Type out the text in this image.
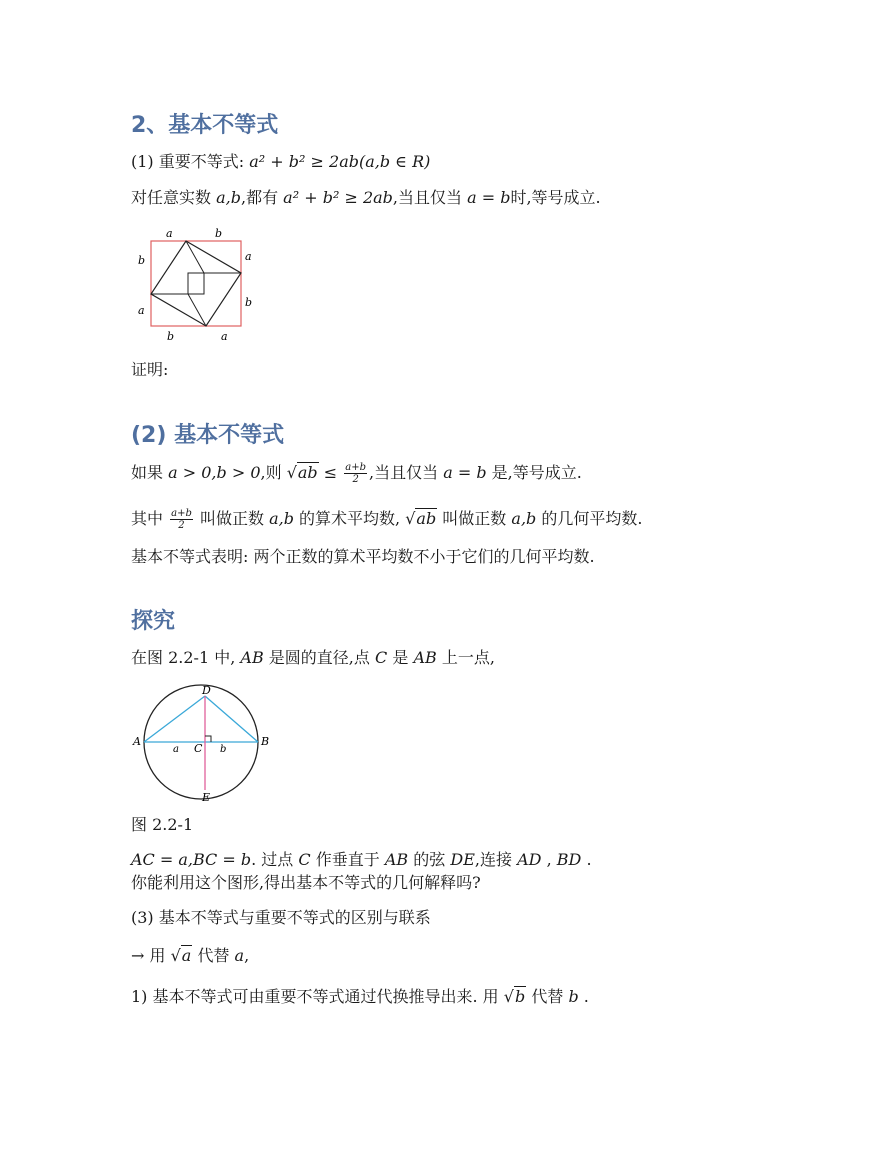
2、基本不等式
(1) 重要不等式: a² + b² ≥ 2ab(a,b ∈ R)
对任意实数 a,b,都有 a² + b² ≥ 2ab,当且仅当 a = b时,等号成立.
a	b
a
b
b	a
b
a
证明:
(2) 基本不等式
如果 a > 0,b > 0,则 $√ab \le \frac{a+b}{2}$ ,当且仅当 a = b 是,等号成立.
其中 $\frac{a+b}{2}$ 叫做正数 a,b 的算术平均数, √ab 叫做正数 a,b 的几何平均数.
基本不等式表明: 两个正数的算术平均数不小于它们的几何平均数.
探究
在图 2.2-1 中, AB 是圆的直径,点 C 是 AB 上一点,
A	B
C
D
E
a	b
图 2.2-1
AC = a,BC = b. 过点 C 作垂直于 AB 的弦 DE,连接 AD , BD .
你能利用这个图形,得出基本不等式的几何解释吗?
(3) 基本不等式与重要不等式的区别与联系
→ 用 √a 代替 a,
1) 基本不等式可由重要不等式通过代换推导出来. 用 √b 代替 b .
